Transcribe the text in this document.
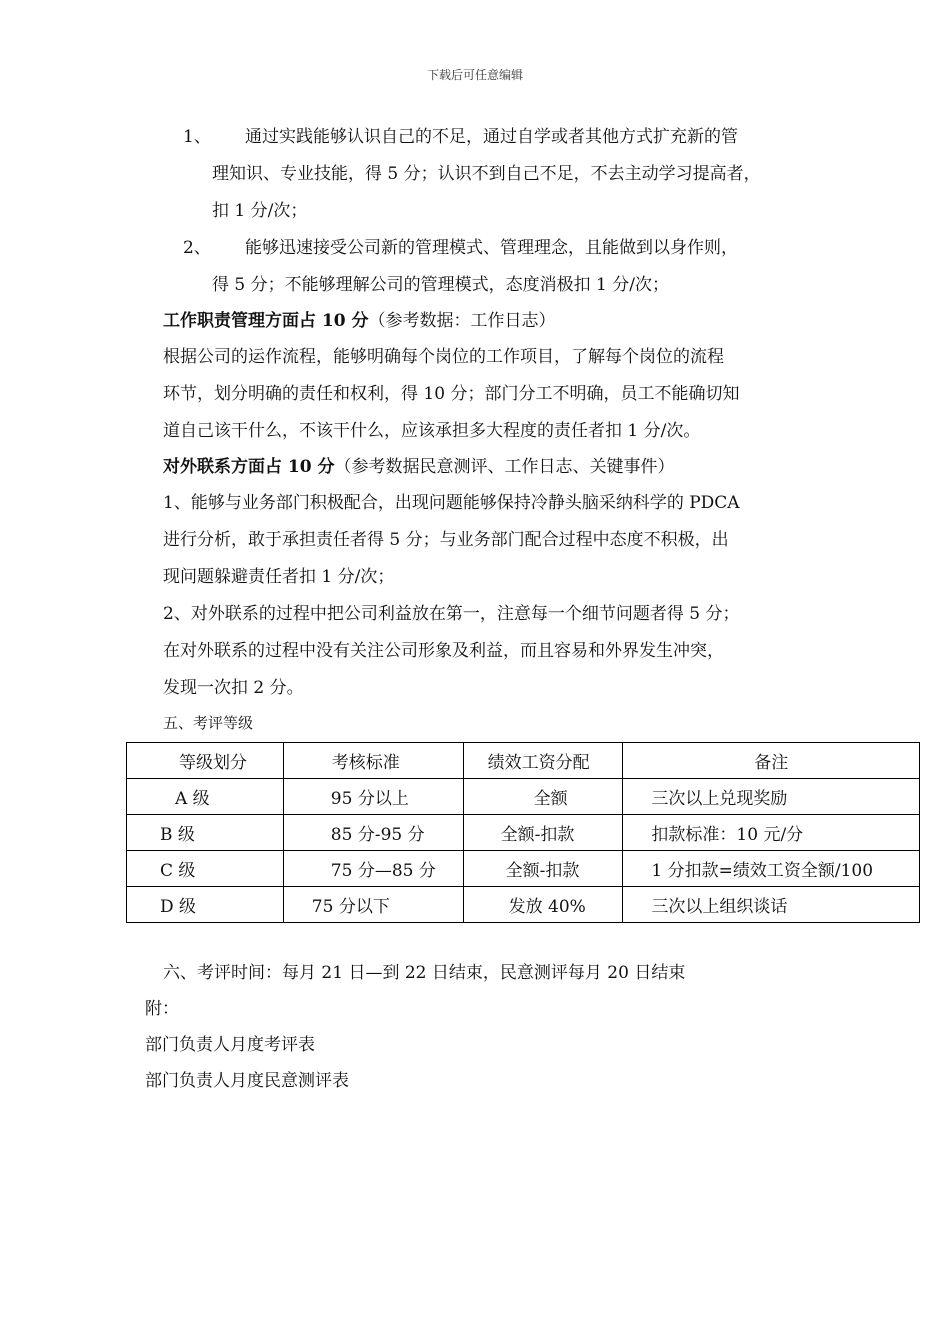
下载后可任意编辑
1、 通过实践能够认识自己的不足，通过自学或者其他方式扩充新的管
理知识、专业技能，得 5 分；认识不到自己不足，不去主动学习提高者，
扣 1 分/次；
2、 能够迅速接受公司新的管理模式、管理理念，且能做到以身作则，
得 5 分；不能够理解公司的管理模式，态度消极扣 1 分/次；
工作职责管理方面占 10 分（参考数据：工作日志）
根据公司的运作流程，能够明确每个岗位的工作项目，了解每个岗位的流程
环节，划分明确的责任和权利，得 10 分；部门分工不明确，员工不能确切知
道自己该干什么，不该干什么，应该承担多大程度的责任者扣 1 分/次。
对外联系方面占 10 分（参考数据民意测评、工作日志、关键事件）
1、能够与业务部门积极配合，出现问题能够保持冷静头脑采纳科学的 PDCA
进行分析，敢于承担责任者得 5 分；与业务部门配合过程中态度不积极，出
现问题躲避责任者扣 1 分/次；
2、对外联系的过程中把公司利益放在第一，注意每一个细节问题者得 5 分；
在对外联系的过程中没有关注公司形象及利益，而且容易和外界发生冲突，
发现一次扣 2 分。
五、考评等级
等级划分	考核标准	绩效工资分配	备注
A 级	95 分以上	全额	三次以上兑现奖励
B 级	85 分-95 分	全额-扣款	扣款标准：10 元/分
C 级	75 分—85 分	全额-扣款	1 分扣款=绩效工资全额/100
D 级	75 分以下	发放 40%	三次以上组织谈话
六、考评时间：每月 21 日—到 22 日结束，民意测评每月 20 日结束
附：
部门负责人月度考评表
部门负责人月度民意测评表
